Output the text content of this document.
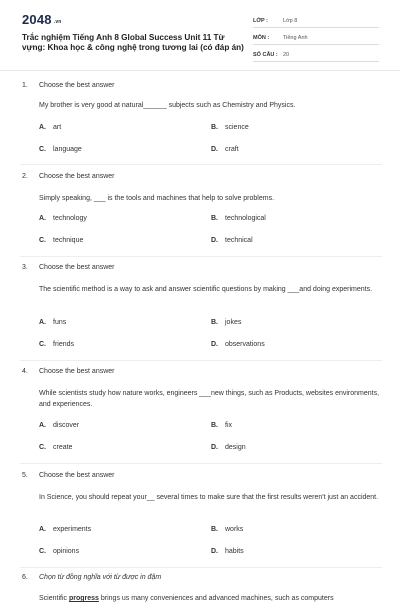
2048 .vn
Trắc nghiệm Tiếng Anh 8 Global Success Unit 11 Từ vựng: Khoa học & công nghệ trong tương lai (có đáp án)
LỚP :	Lớp 8
MÔN :	Tiếng Anh
SỐ CÂU : 20
1. Choose the best answer
My brother is very good at natural______ subjects such as Chemistry and Physics.
A. art	B. science
C. language	D. craft
2. Choose the best answer
Simply speaking, ___ is the tools and machines that help to solve problems.
A. technology	B. technological
C. technique	D. technical
3. Choose the best answer
The scientific method is a way to ask and answer scientific questions by making ___and doing experiments.
A. funs	B. jokes
C. friends	D. observations
4. Choose the best answer
While scientists study how nature works, engineers ___new things, such as Products, websites environments, and experiences.
A. discover	B. fix
C. create	D. design
5. Choose the best answer
In Science, you should repeat your__ several times to make sure that the first results weren't just an accident.
A. experiments	B. works
C. opinions	D. habits
6. Chọn từ đồng nghĩa với từ được in đậm
Scientific progress brings us many conveniences and advanced machines, such as computers
